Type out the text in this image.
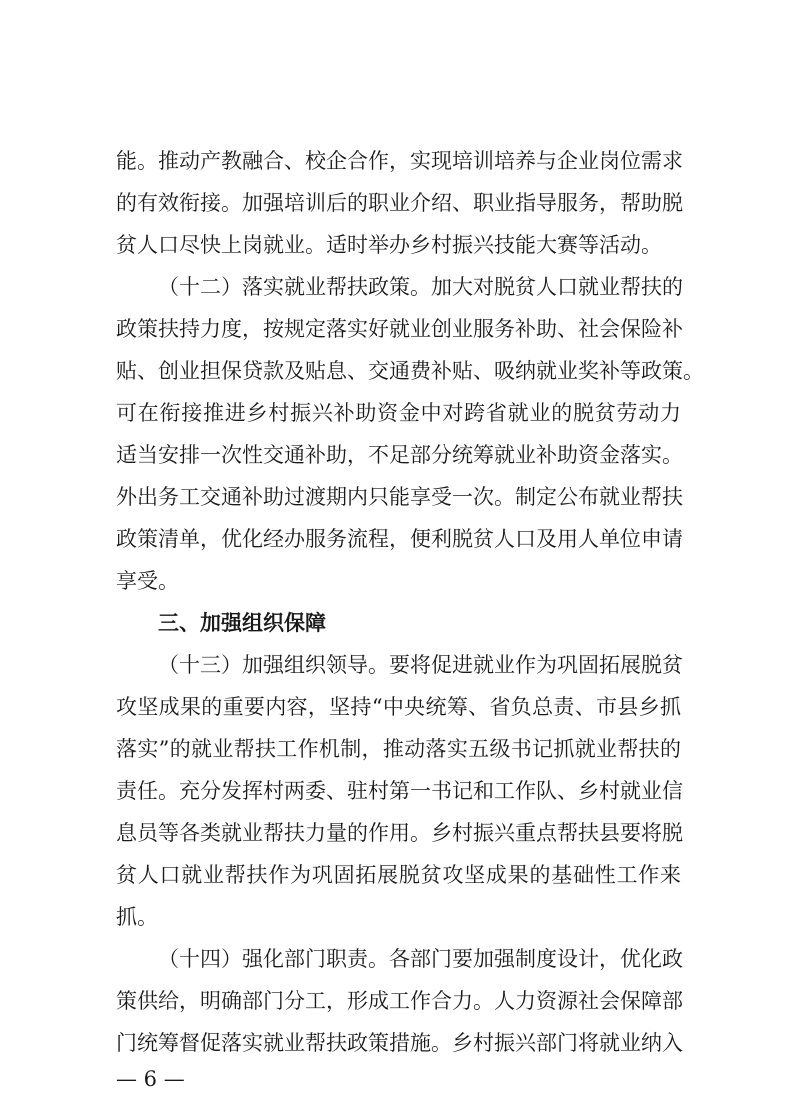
能。推动产教融合、校企合作，实现培训培养与企业岗位需求
的有效衔接。加强培训后的职业介绍、职业指导服务，帮助脱
贫人口尽快上岗就业。适时举办乡村振兴技能大赛等活动。
（十二）落实就业帮扶政策。加大对脱贫人口就业帮扶的
政策扶持力度，按规定落实好就业创业服务补助、社会保险补
贴、创业担保贷款及贴息、交通费补贴、吸纳就业奖补等政策。
可在衔接推进乡村振兴补助资金中对跨省就业的脱贫劳动力
适当安排一次性交通补助，不足部分统筹就业补助资金落实。
外出务工交通补助过渡期内只能享受一次。制定公布就业帮扶
政策清单，优化经办服务流程，便利脱贫人口及用人单位申请
享受。
三、加强组织保障
（十三）加强组织领导。要将促进就业作为巩固拓展脱贫
攻坚成果的重要内容，坚持“中央统筹、省负总责、市县乡抓
落实”的就业帮扶工作机制，推动落实五级书记抓就业帮扶的
责任。充分发挥村两委、驻村第一书记和工作队、乡村就业信
息员等各类就业帮扶力量的作用。乡村振兴重点帮扶县要将脱
贫人口就业帮扶作为巩固拓展脱贫攻坚成果的基础性工作来
抓。
（十四）强化部门职责。各部门要加强制度设计，优化政
策供给，明确部门分工，形成工作合力。人力资源社会保障部
门统筹督促落实就业帮扶政策措施。乡村振兴部门将就业纳入
— 6 —
